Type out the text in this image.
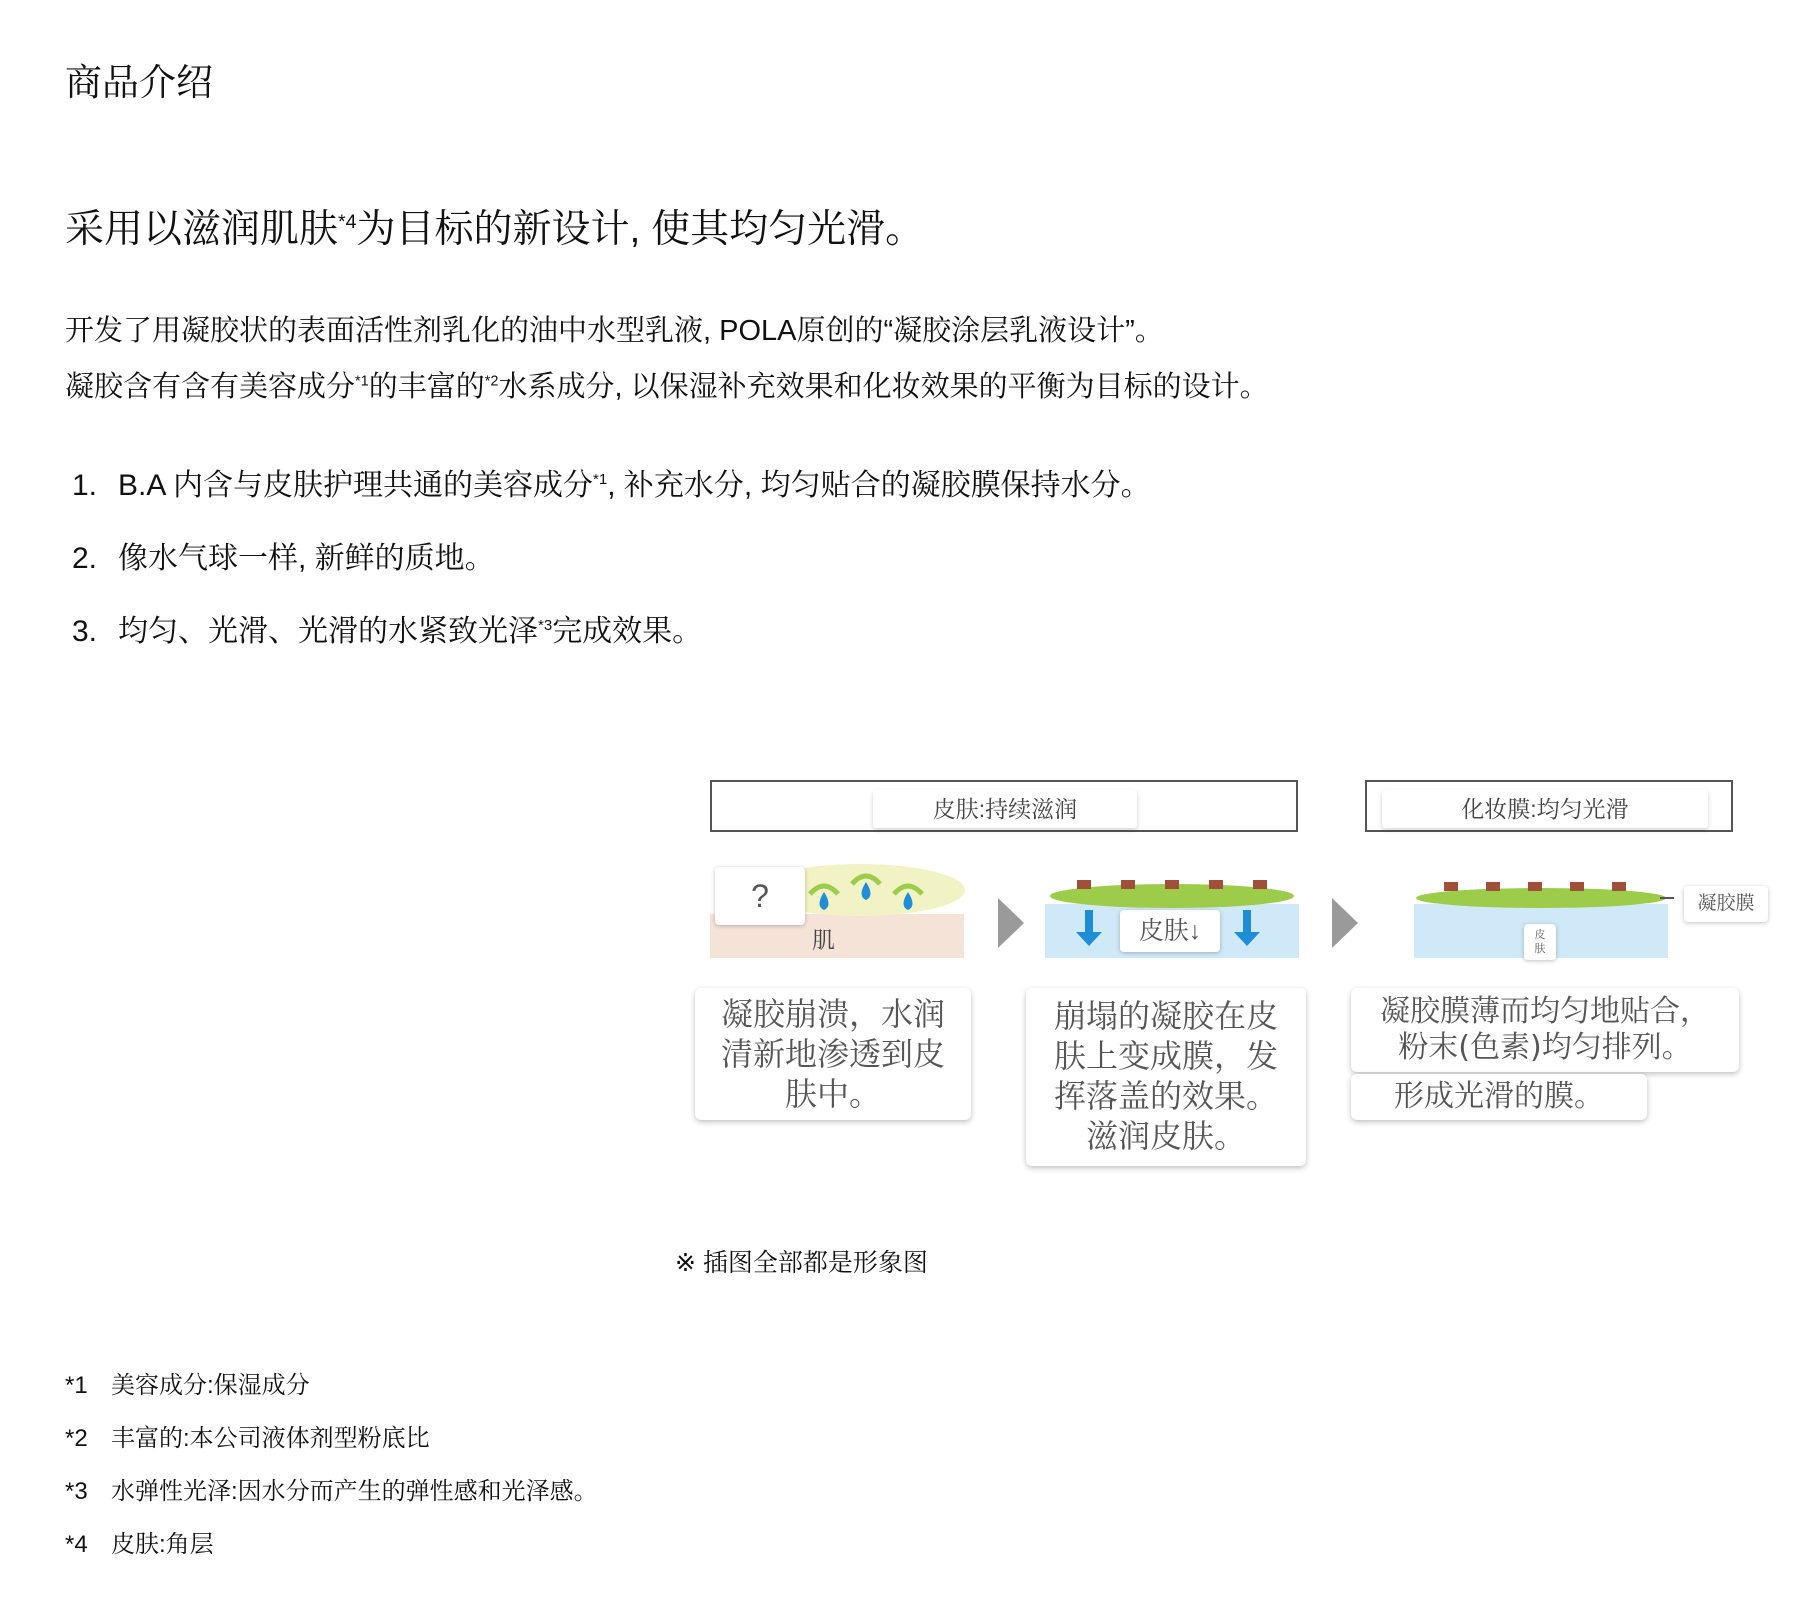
商品介绍
采用以滋润肌肤$^{*4}$为目标的新设计, 使其均匀光滑。
开发了用凝胶状的表面活性剂乳化的油中水型乳液, POLA原创的“凝胶涂层乳液设计”。
凝胶含有含有美容成分$^{*1}$的丰富的$^{*2}$水系成分, 以保湿补充效果和化妆效果的平衡为目标的设计。
1. B.A 内含与皮肤护理共通的美容成分$^{*1}$, 补充水分, 均匀贴合的凝胶膜保持水分。
2. 像水气球一样, 新鲜的质地。
3. 均匀、光滑、光滑的水紧致光泽$^{*3}$完成效果。
皮肤:持续滋润	化妆膜:均匀光滑
?
肌	皮肤↓
凝胶膜
皮
肤
凝胶崩溃，水润
清新地渗透到皮
肤中。
崩塌的凝胶在皮
肤上变成膜，发
挥落盖的效果。
滋润皮肤。
凝胶膜薄而均匀地贴合，
粉末(色素)均匀排列。
形成光滑的膜。
※ 插图全部都是形象图
*1 美容成分:保湿成分
*2 丰富的:本公司液体剂型粉底比
*3 水弹性光泽:因水分而产生的弹性感和光泽感。
*4 皮肤:角层
